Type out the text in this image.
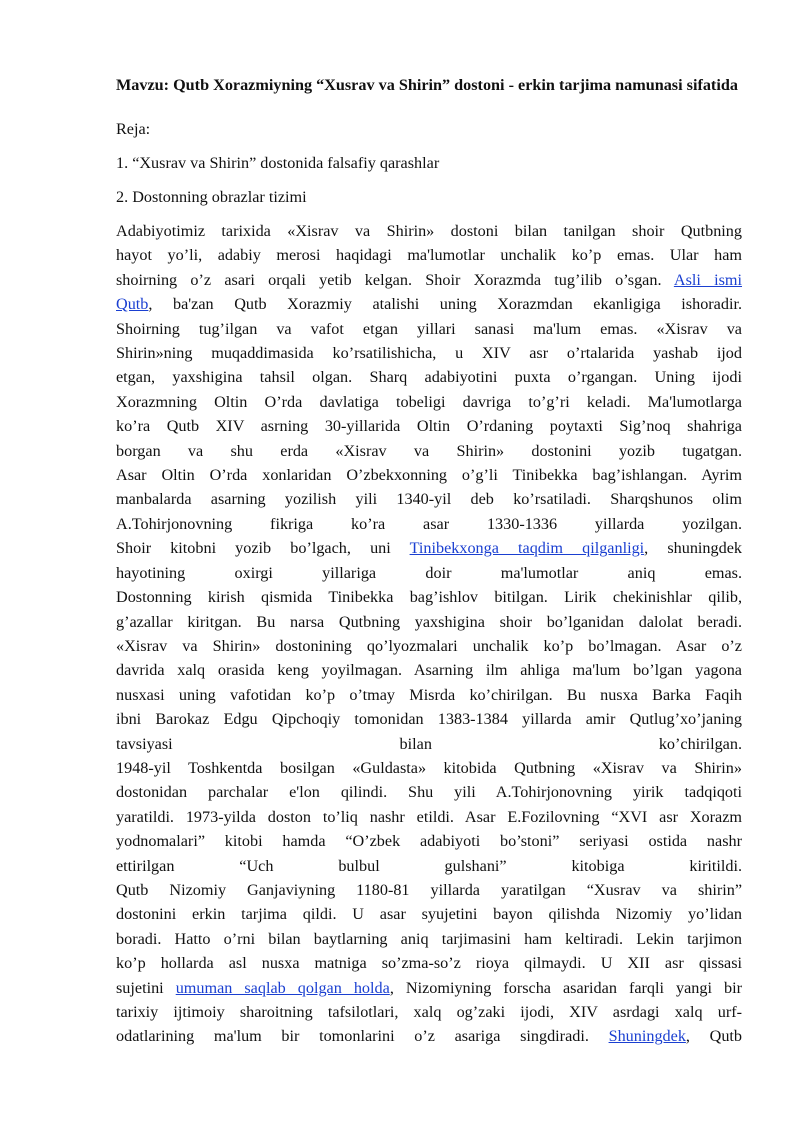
Mavzu: Qutb Xorazmiyning “Xusrav va Shirin” dostoni - erkin tarjima namunasi sifatida

Reja:

1. “Xusrav va Shirin” dostonida falsafiy qarashlar

2. Dostonning obrazlar tizimi

Adabiyotimiz tarixida «Xisrav va Shirin» dostoni bilan tanilgan shoir Qutbning
hayot yo’li, adabiy merosi haqidagi ma'lumotlar unchalik ko’p emas. Ular ham
shoirning o’z asari orqali yetib kelgan. Shoir Xorazmda tug’ilib o’sgan. Asli ismi
Qutb, ba'zan Qutb Xorazmiy atalishi uning Xorazmdan ekanligiga ishoradir.
Shoirning tug’ilgan va vafot etgan yillari sanasi ma'lum emas. «Xisrav va
Shirin»ning muqaddimasida ko’rsatilishicha, u XIV asr o’rtalarida yashab ijod
etgan, yaxshigina tahsil olgan. Sharq adabiyotini puxta o’rgangan. Uning ijodi
Xorazmning Oltin O’rda davlatiga tobeligi davriga to’g’ri keladi. Ma'lumotlarga
ko’ra Qutb XIV asrning 30-yillarida Oltin O’rdaning poytaxti Sig’noq shahriga
borgan va shu erda «Xisrav va Shirin» dostonini yozib tugatgan.
Asar Oltin O’rda xonlaridan O’zbekxonning o’g’li Tinibekka bag’ishlangan. Ayrim
manbalarda asarning yozilish yili 1340-yil deb ko’rsatiladi. Sharqshunos olim
A.Tohirjonovning fikriga ko’ra asar 1330-1336 yillarda yozilgan.
Shoir kitobni yozib bo’lgach, uni Tinibekxonga taqdim qilganligi, shuningdek
hayotining oxirgi yillariga doir ma'lumotlar aniq emas.
Dostonning kirish qismida Tinibekka bag’ishlov bitilgan. Lirik chekinishlar qilib,
g’azallar kiritgan. Bu narsa Qutbning yaxshigina shoir bo’lganidan dalolat beradi.
«Xisrav va Shirin» dostonining qo’lyozmalari unchalik ko’p bo’lmagan. Asar o’z
davrida xalq orasida keng yoyilmagan. Asarning ilm ahliga ma'lum bo’lgan yagona
nusxasi uning vafotidan ko’p o’tmay Misrda ko’chirilgan. Bu nusxa Barka Faqih
ibni Barokaz Edgu Qipchoqiy tomonidan 1383-1384 yillarda amir Qutlug’xo’janing
tavsiyasi bilan ko’chirilgan.
1948-yil Toshkentda bosilgan «Guldasta» kitobida Qutbning «Xisrav va Shirin»
dostonidan parchalar e'lon qilindi. Shu yili A.Tohirjonovning yirik tadqiqoti
yaratildi. 1973-yilda doston to’liq nashr etildi. Asar E.Fozilovning “XVI asr Xorazm
yodnomalari” kitobi hamda “O’zbek adabiyoti bo’stoni” seriyasi ostida nashr
ettirilgan “Uch bulbul gulshani” kitobiga kiritildi.
Qutb Nizomiy Ganjaviyning 1180-81 yillarda yaratilgan “Xusrav va shirin”
dostonini erkin tarjima qildi. U asar syujetini bayon qilishda Nizomiy yo’lidan
boradi. Hatto o’rni bilan baytlarning aniq tarjimasini ham keltiradi. Lekin tarjimon
ko’p hollarda asl nusxa matniga so’zma-so’z rioya qilmaydi. U XII asr qissasi
sujetini umuman saqlab qolgan holda, Nizomiyning forscha asaridan farqli yangi bir
tarixiy ijtimoiy sharoitning tafsilotlari, xalq og’zaki ijodi, XIV asrdagi xalq urf-
odatlarining ma'lum bir tomonlarini o’z asariga singdiradi. Shuningdek, Qutb
